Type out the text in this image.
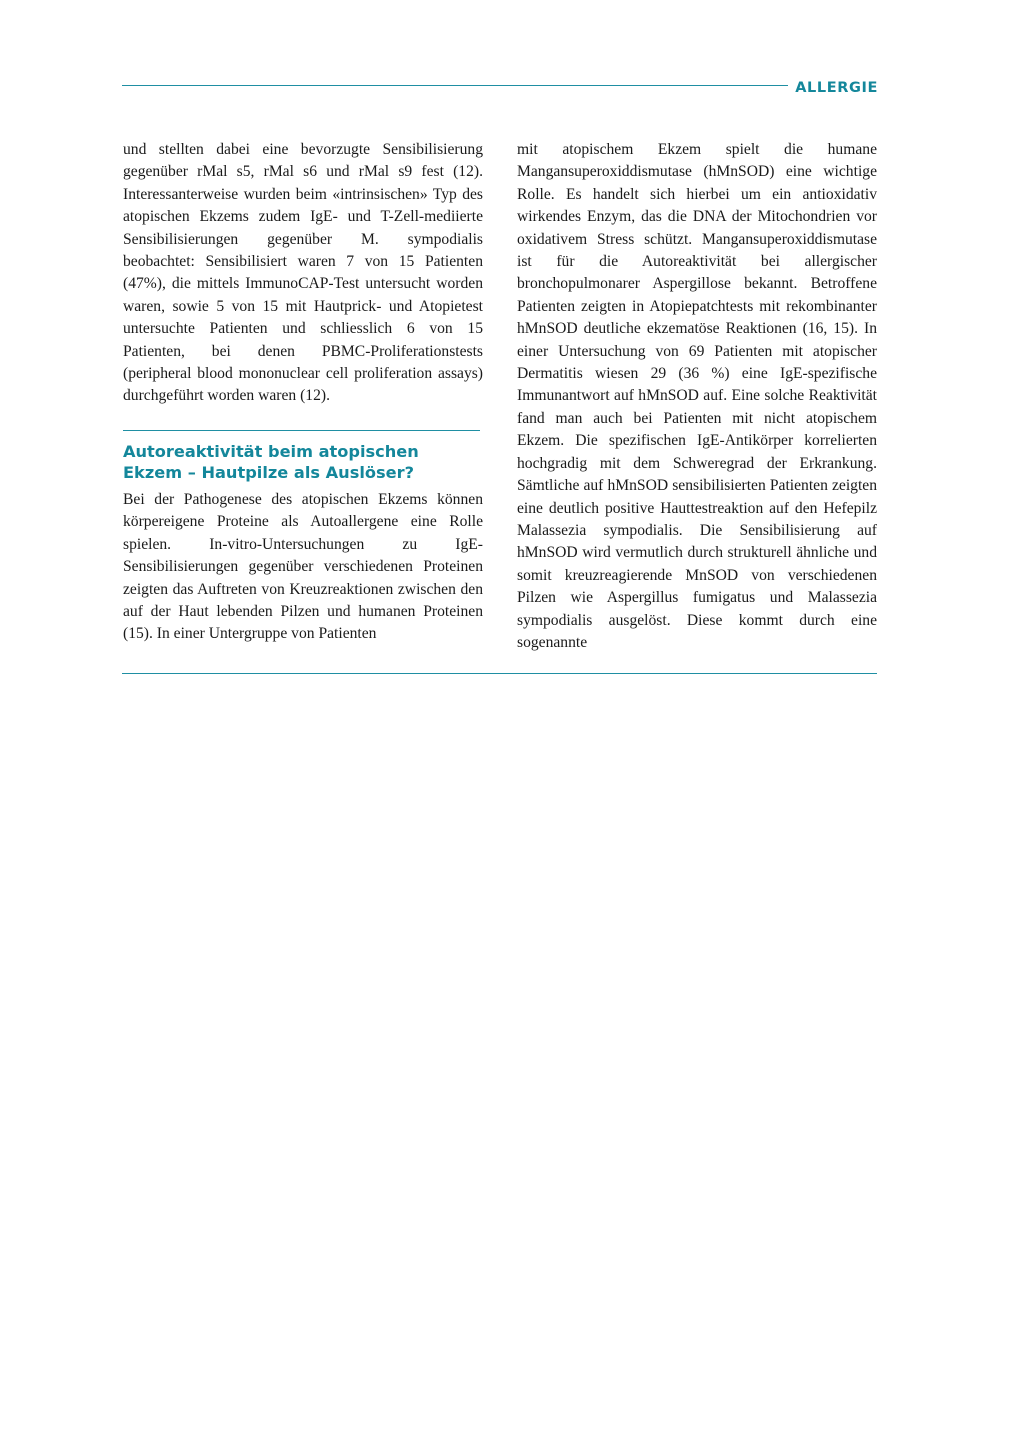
ALLERGIE

und stellten dabei eine bevorzugte Sensibilisierung gegenüber rMal s5, rMal s6 und rMal s9 fest (12). Interessanterweise wurden beim «intrinsischen» Typ des atopischen Ekzems zudem IgE- und T-Zell-mediierte Sensibilisierungen gegenüber M. sympodialis beobachtet: Sensibilisiert waren 7 von 15 Patienten (47%), die mittels ImmunoCAP-Test untersucht worden waren, sowie 5 von 15 mit Hautprick- und Atopietest untersuchte Patienten und schliesslich 6 von 15 Patienten, bei denen PBMC-Proliferationstests (peripheral blood mononuclear cell proliferation assays) durchgeführt worden waren (12).

Autoreaktivität beim atopischen Ekzem – Hautpilze als Auslöser?

Bei der Pathogenese des atopischen Ekzems können körpereigene Proteine als Autoallergene eine Rolle spielen. In-vitro-Untersuchungen zu IgE-Sensibilisierungen gegenüber verschiedenen Proteinen zeigten das Auftreten von Kreuzreaktionen zwischen den auf der Haut lebenden Pilzen und humanen Proteinen (15). In einer Untergruppe von Patienten

mit atopischem Ekzem spielt die humane Mangansuperoxiddismutase (hMnSOD) eine wichtige Rolle. Es handelt sich hierbei um ein antioxidativ wirkendes Enzym, das die DNA der Mitochondrien vor oxidativem Stress schützt. Mangansuperoxiddismutase ist für die Autoreaktivität bei allergischer bronchopulmonarer Aspergillose bekannt. Betroffene Patienten zeigten in Atopiepatchtests mit rekombinanter hMnSOD deutliche ekzematöse Reaktionen (16, 15). In einer Untersuchung von 69 Patienten mit atopischer Dermatitis wiesen 29 (36 %) eine IgE-spezifische Immunantwort auf hMnSOD auf. Eine solche Reaktivität fand man auch bei Patienten mit nicht atopischem Ekzem. Die spezifischen IgE-Antikörper korrelierten hochgradig mit dem Schweregrad der Erkrankung. Sämtliche auf hMnSOD sensibilisierten Patienten zeigten eine deutlich positive Hauttestreaktion auf den Hefepilz Malassezia sympodialis. Die Sensibilisierung auf hMnSOD wird vermutlich durch strukturell ähnliche und somit kreuzreagierende MnSOD von verschiedenen Pilzen wie Aspergillus fumigatus und Malassezia sympodialis ausgelöst. Diese kommt durch eine sogenannte
